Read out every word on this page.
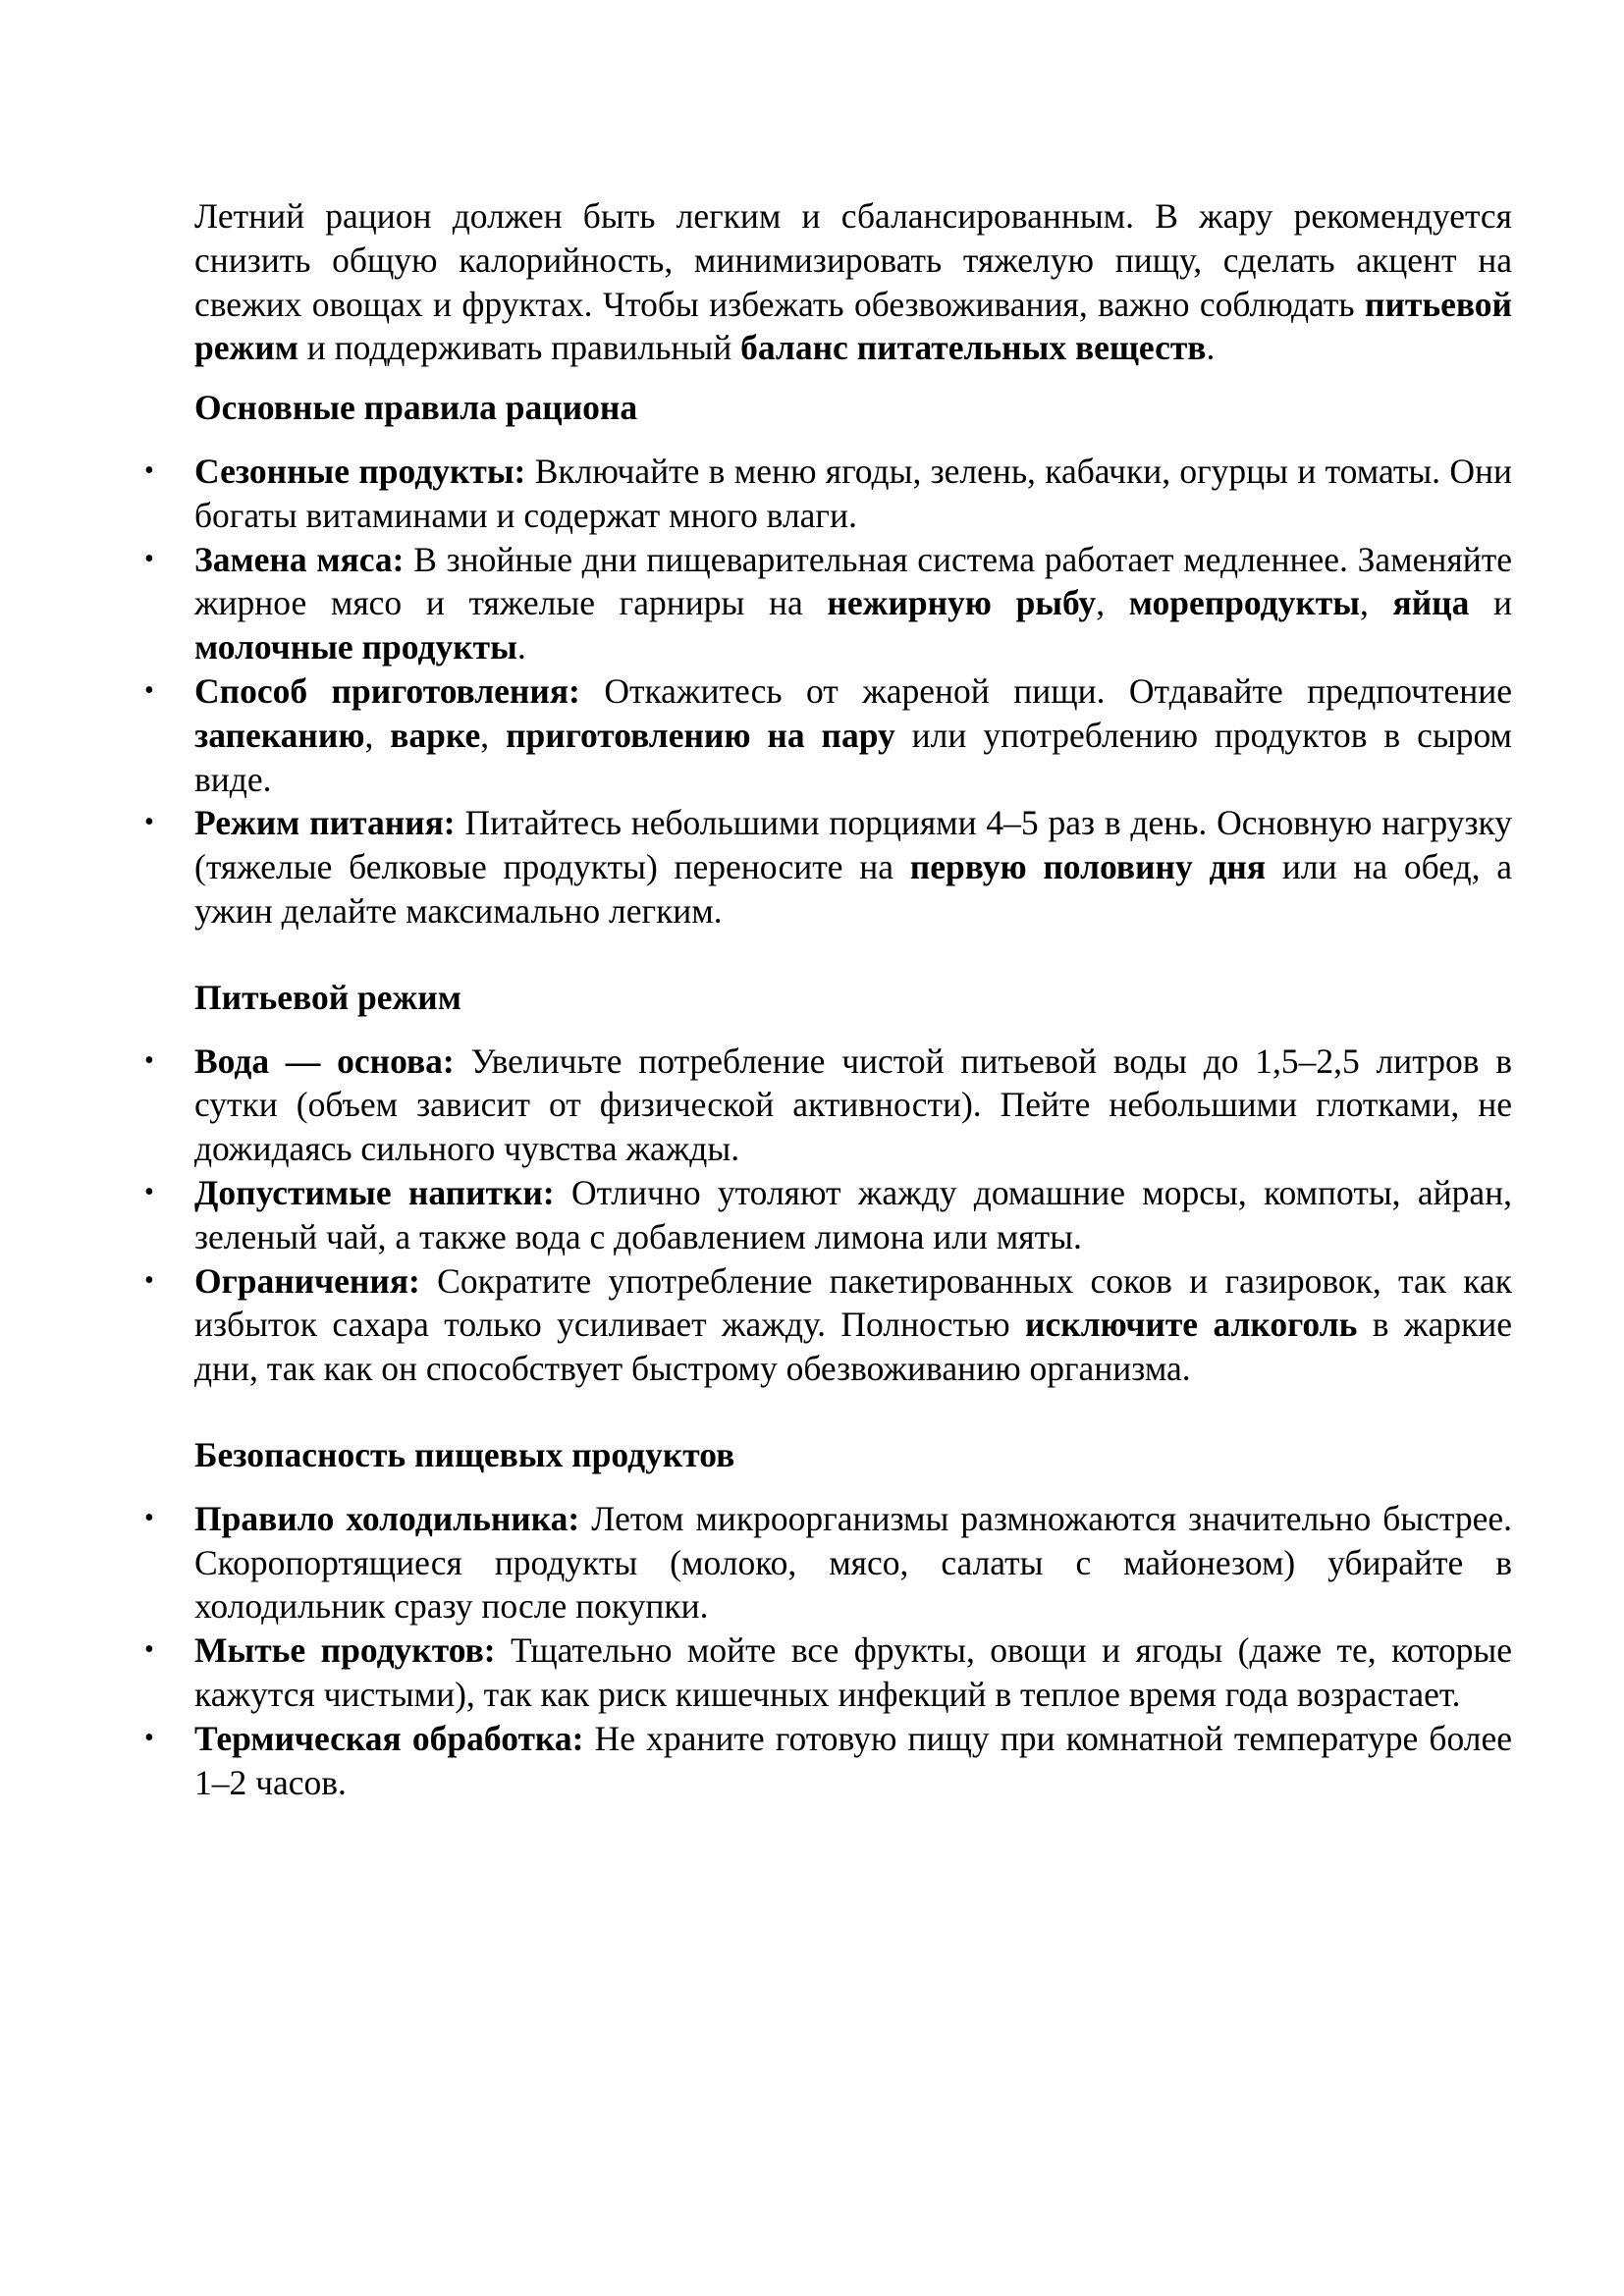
Летний рацион должен быть легким и сбалансированным. В жару рекомендуется снизить общую калорийность, минимизировать тяжелую пищу, сделать акцент на свежих овощах и фруктах. Чтобы избежать обезвоживания, важно соблюдать питьевой режим и поддерживать правильный баланс питательных веществ.

Основные правила рациона

• Сезонные продукты: Включайте в меню ягоды, зелень, кабачки, огурцы и томаты. Они богаты витаминами и содержат много влаги.
• Замена мяса: В знойные дни пищеварительная система работает медленнее. Заменяйте жирное мясо и тяжелые гарниры на нежирную рыбу, морепродукты, яйца и молочные продукты.
• Способ приготовления: Откажитесь от жареной пищи. Отдавайте предпочтение запеканию, варке, приготовлению на пару или употреблению продуктов в сыром виде.
• Режим питания: Питайтесь небольшими порциями 4–5 раз в день. Основную нагрузку (тяжелые белковые продукты) переносите на первую половину дня или на обед, а ужин делайте максимально легким.

Питьевой режим

• Вода — основа: Увеличьте потребление чистой питьевой воды до 1,5–2,5 литров в сутки (объем зависит от физической активности). Пейте небольшими глотками, не дожидаясь сильного чувства жажды.
• Допустимые напитки: Отлично утоляют жажду домашние морсы, компоты, айран, зеленый чай, а также вода с добавлением лимона или мяты.
• Ограничения: Сократите употребление пакетированных соков и газировок, так как избыток сахара только усиливает жажду. Полностью исключите алкоголь в жаркие дни, так как он способствует быстрому обезвоживанию организма.

Безопасность пищевых продуктов

• Правило холодильника: Летом микроорганизмы размножаются значительно быстрее. Скоропортящиеся продукты (молоко, мясо, салаты с майонезом) убирайте в холодильник сразу после покупки.
• Мытье продуктов: Тщательно мойте все фрукты, овощи и ягоды (даже те, которые кажутся чистыми), так как риск кишечных инфекций в теплое время года возрастает.
• Термическая обработка: Не храните готовую пищу при комнатной температуре более 1–2 часов.
